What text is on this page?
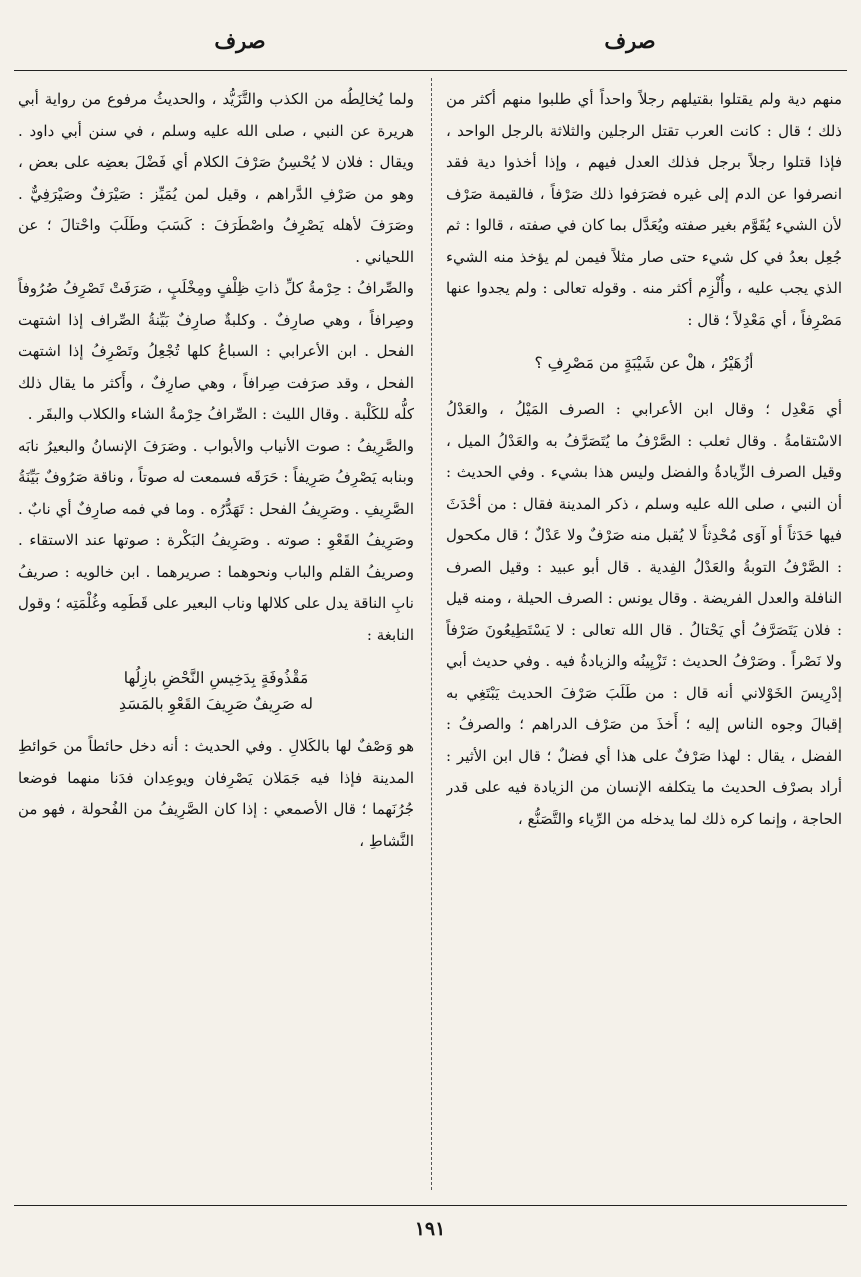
صرف
صرف

منهم دية ولم يقتلوا بقتيلهم رجلاً واحداً أي طلبوا منهم أكثر من ذلك ؛ قال : كانت العرب تقتل الرجلين والثلاثة بالرجل الواحد ، فإذا قتلوا رجلاً برجل فذلك العدل فيهم ، وإذا أخذوا دية فقد انصرفوا عن الدم إلى غيره فصَرَفوا ذلك صَرْفاً ، فالقيمة صَرْف لأن الشيء يُقَوَّم بغير صفته ويُعَدَّل بما كان في صفته ، قالوا : ثم جُعِل بعدُ في كل شيء حتى صار مثلاً فيمن لم يؤخذ منه الشيء الذي يجب عليه ، وأُلْزِم أكثر منه . وقوله تعالى : ولم يجدوا عنها مَصْرِفاً ، أي مَعْدِلاً ؛ قال :

أزُهَيْرُ ، هلْ عن شَيْبَةٍ من مَصْرِفِ ؟

أي مَعْدِل ؛ وقال ابن الأعرابي : الصرف المَيْلُ ، والعَدْلُ الاسْتقامةُ . وقال ثعلب : الصَّرْفُ ما يُتَصَرَّفُ به والعَدْلُ الميل ، وقيل الصرف الزِّيادةُ والفضل وليس هذا بشيء . وفي الحديث : أن النبي ، صلى الله عليه وسلم ، ذكر المدينة فقال : من أحْدَثَ فيها حَدَثاً أو آوَى مُحْدِثاً لا يُقبل منه صَرْفٌ ولا عَدْلٌ ؛ قال مكحول : الصَّرْفُ التوبةُ والعَدْلُ الفِدية . قال أبو عبيد : وقيل الصرف النافلة والعدل الفريضة . وقال يونس : الصرف الحيلة ، ومنه قيل : فلان يَتَصَرَّفُ أي يَحْتالُ . قال الله تعالى : لا يَسْتَطِيعُونَ صَرْفاً ولا نَصْراً . وصَرْفُ الحديث : تَزْيِينُه والزيادةُ فيه . وفي حديث أبي إدْرِيسَ الخَوْلاني أنه قال : من طَلَبَ صَرْفَ الحديث يَبْتَغِي به إقبالَ وجوه الناس إليه ؛ أَخذَ من صَرْف الدراهم ؛ والصرفُ : الفضل ، يقال : لهذا صَرْفٌ على هذا أي فضلٌ ؛ قال ابن الأثير : أراد بصرْف الحديث ما يتكلفه الإنسان من الزيادة فيه على قدر الحاجة ، وإنما كره ذلك لما يدخله من الرِّياء والتَّصَنُّع ،

ولما يُخالِطُه من الكذب والتَّزَيُّد ، والحديثُ مرفوع من رواية أبي هريرة عن النبي ، صلى الله عليه وسلم ، في سنن أبي داود . ويقال : فلان لا يُحْسِنُ صَرْفَ الكلام أي فَضْلَ بعضِه على بعض ، وهو من صَرْفِ الدَّراهم ، وقيل لمن يُمَيِّز : صَيْرَفٌ وصَيْرَفِيٌّ . وصَرَفَ لأهله يَصْرِفُ واصْطَرَفَ : كَسَبَ وطَلَبَ واحْتالَ ؛ عن اللحياني .

والصِّرافُ : حِرْمةُ كلِّ ذاتِ ظِلْفٍ ومِخْلَبٍ ، صَرَفَتْ تَصْرِفُ صُرُوفاً وصِرافاً ، وهي صارِفٌ . وكلبةٌ صارِفٌ بَيِّنةُ الصِّراف إذا اشتهت الفحل . ابن الأعرابي : السباعُ كلها تُجْعِلُ وتَصْرِفُ إذا اشتهت الفحل ، وقد صرَفت صِرافاً ، وهي صارِفٌ ، وأَكثر ما يقال ذلك كلُّه للكَلْبة . وقال الليث : الصِّرافُ حِرْمةُ الشاء والكلاب والبقَر .

والصَّرِيفُ : صوت الأنياب والأبواب . وصَرَفَ الإنسانُ والبعيرُ نابَه وبنابه يَصْرِفُ صَرِيفاً : حَرَقَه فسمعت له صوتاً ، وناقة صَرُوفٌ بَيِّنَةُ الصَّرِيفِ . وصَرِيفُ الفحل : تَهَدُّرُه . وما في فمه صارِفٌ أي نابٌ . وصَرِيفُ القَعْوِ : صوته . وصَرِيفُ البَكْرة : صوتها عند الاستقاء . وصريفُ القلم والباب ونحوهما : صريرهما . ابن خالويه : صريفُ نابِ الناقة يدل على كلالها وناب البعير على قَطَمِه وغُلْمَتِه ؛ وقول النابغة :

مَقْذُوفَةٍ بِدَخِيسِ النَّحْضِ بازِلُها
له صَرِيفٌ صَرِيفَ القَعْوِ بالمَسَدِ

هو وَصْفٌ لها بالكَلالِ . وفي الحديث : أنه دخل حائطاً من حَوائطِ المدينة فإذا فيه جَمَلان يَصْرِفان ويوعِدان فدَنا منهما فوضعا جُرُنَهما ؛ قال الأصمعي : إذا كان الصَّرِيفُ من الفُحولة ، فهو من النَّشاطِ ،

١٩١
